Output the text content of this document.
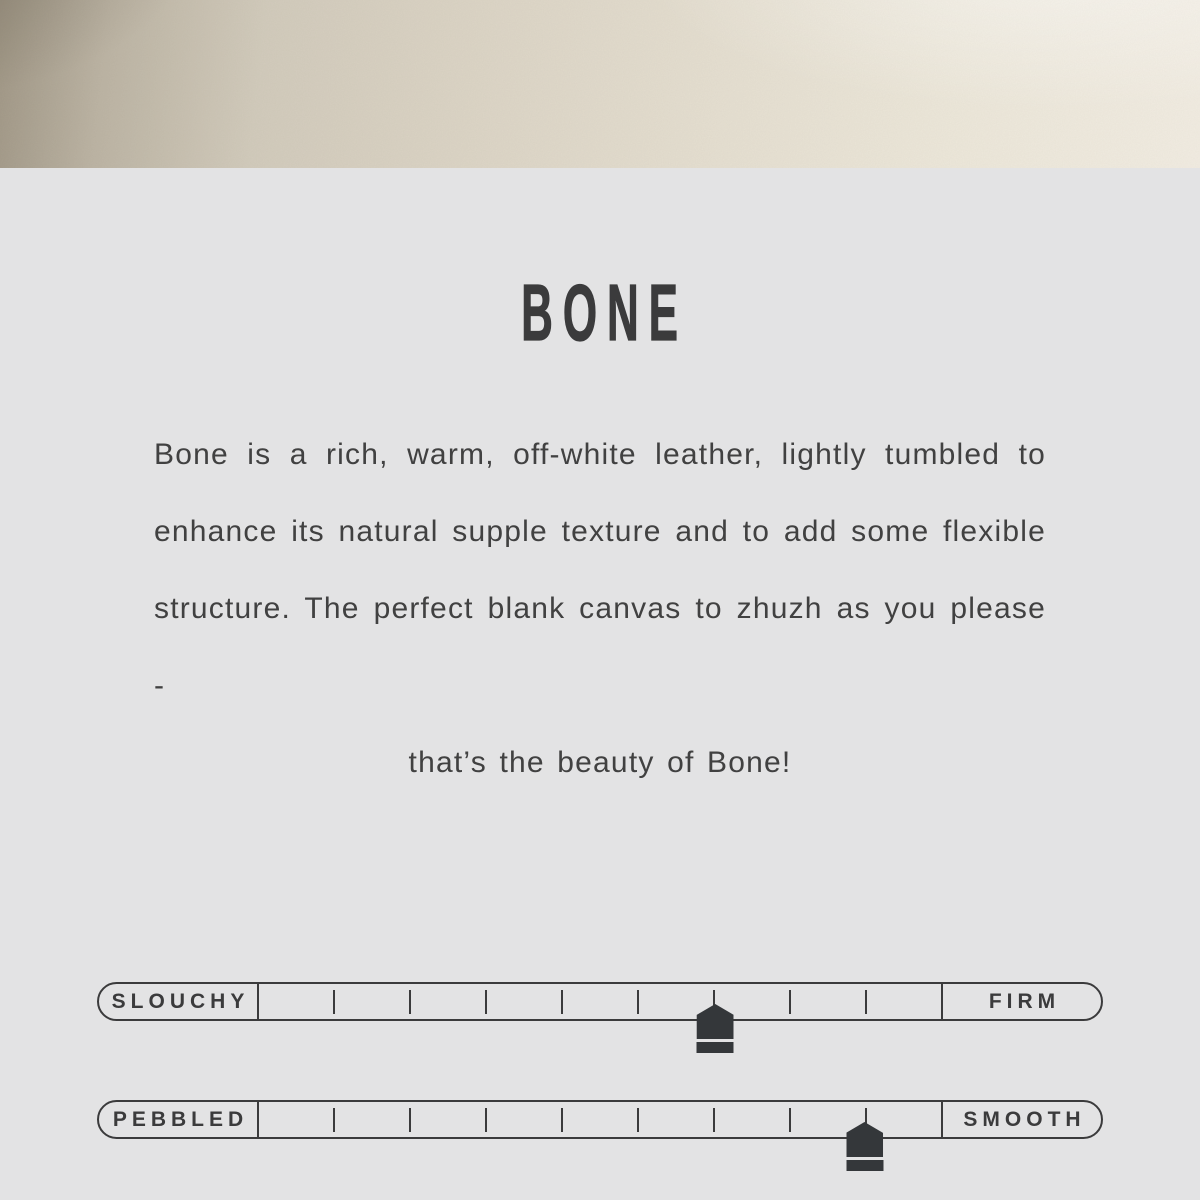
BONE
Bone is a rich, warm, off-white leather, lightly tumbled to
enhance its natural supple texture and to add some flexible
structure. The perfect blank canvas to zhuzh as you please -
that’s the beauty of Bone!
SLOUCHY	FIRM
PEBBLED	SMOOTH
